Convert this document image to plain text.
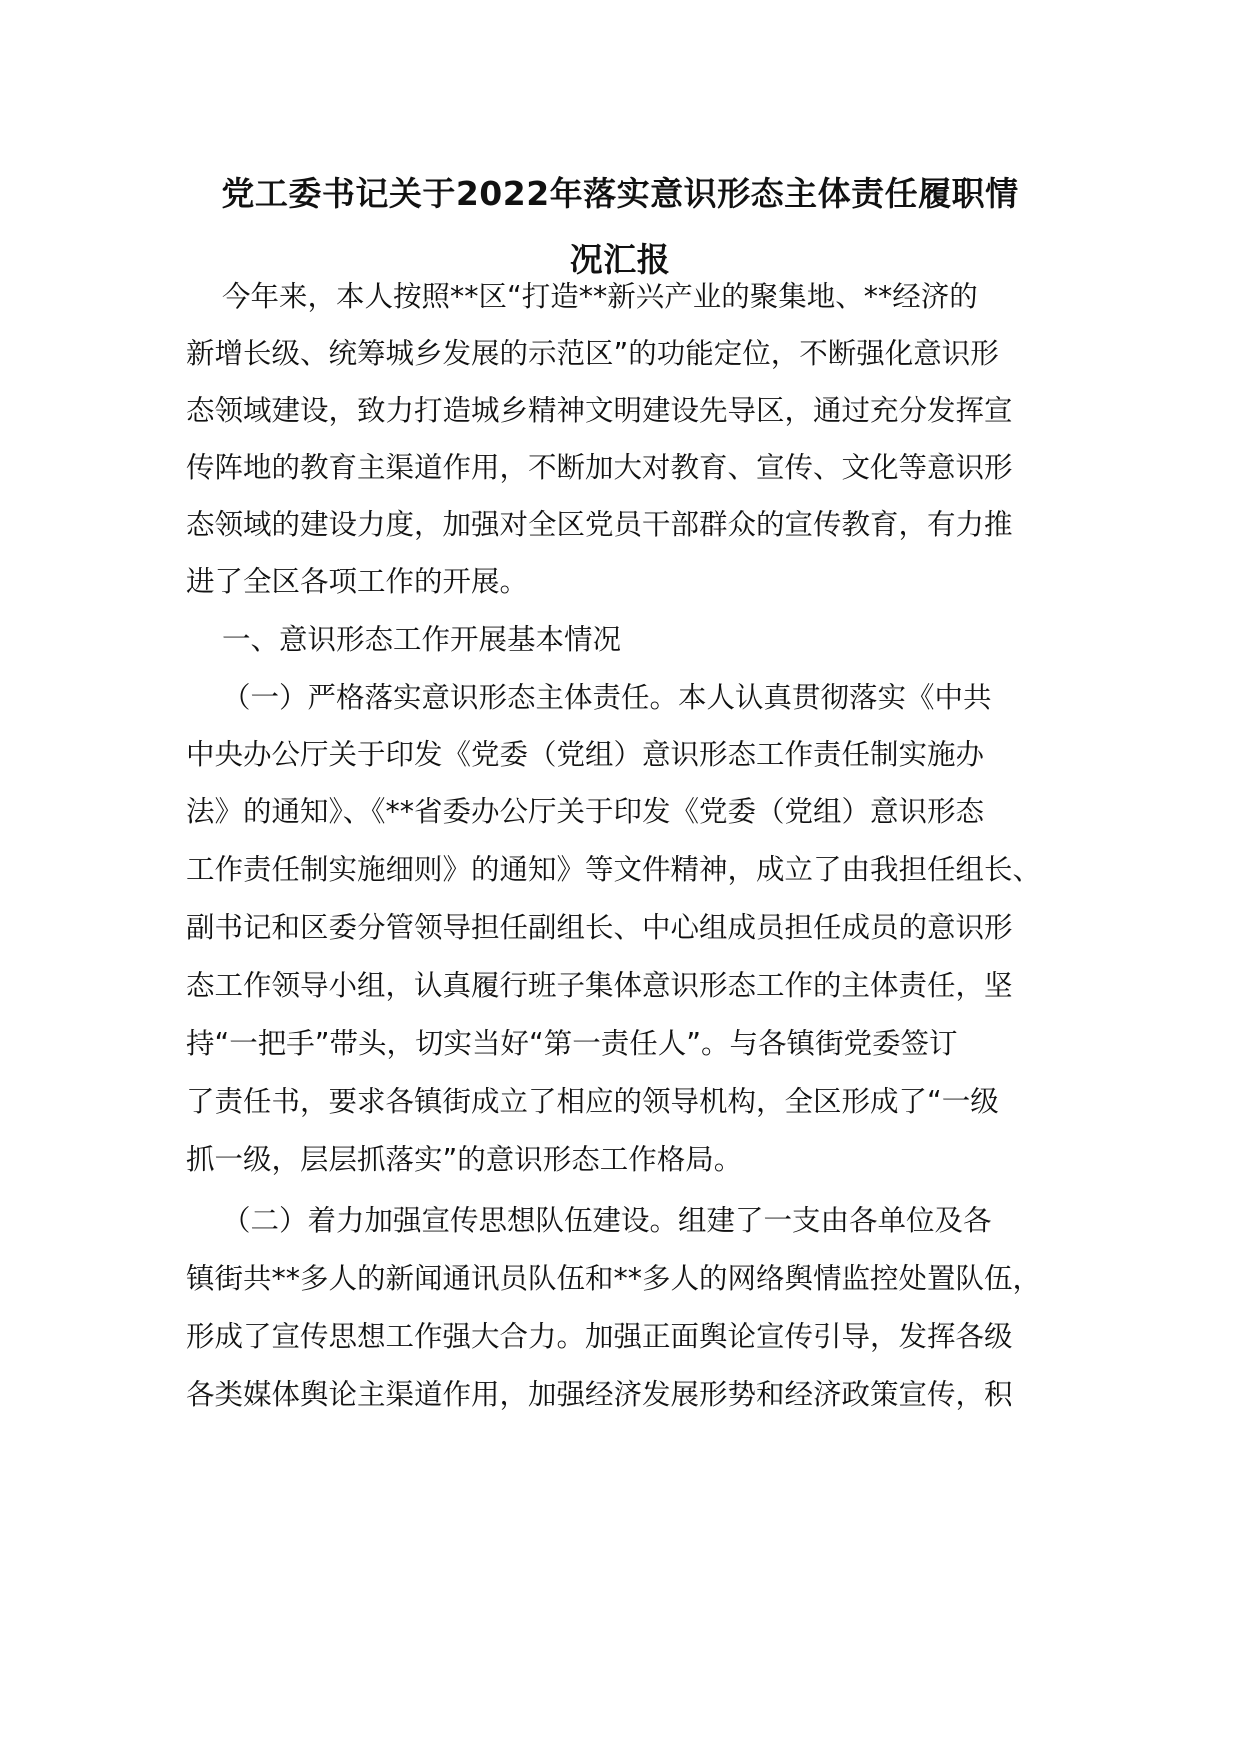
党工委书记关于2022年落实意识形态主体责任履职情
况汇报
今年来，本人按照**区“打造**新兴产业的聚集地、**经济的
新增长级、统筹城乡发展的示范区”的功能定位，不断强化意识形
态领域建设，致力打造城乡精神文明建设先导区，通过充分发挥宣
传阵地的教育主渠道作用，不断加大对教育、宣传、文化等意识形
态领域的建设力度，加强对全区党员干部群众的宣传教育，有力推
进了全区各项工作的开展。
一、意识形态工作开展基本情况
（一）严格落实意识形态主体责任。本人认真贯彻落实《中共
中央办公厅关于印发《党委（党组）意识形态工作责任制实施办
法》的通知》、《**省委办公厅关于印发《党委（党组）意识形态
工作责任制实施细则》的通知》等文件精神，成立了由我担任组长、
副书记和区委分管领导担任副组长、中心组成员担任成员的意识形
态工作领导小组，认真履行班子集体意识形态工作的主体责任，坚
持“一把手”带头，切实当好“第一责任人”。与各镇街党委签订
了责任书，要求各镇街成立了相应的领导机构，全区形成了“一级
抓一级，层层抓落实”的意识形态工作格局。
（二）着力加强宣传思想队伍建设。组建了一支由各单位及各
镇街共**多人的新闻通讯员队伍和**多人的网络舆情监控处置队伍，
形成了宣传思想工作强大合力。加强正面舆论宣传引导，发挥各级
各类媒体舆论主渠道作用，加强经济发展形势和经济政策宣传，积
